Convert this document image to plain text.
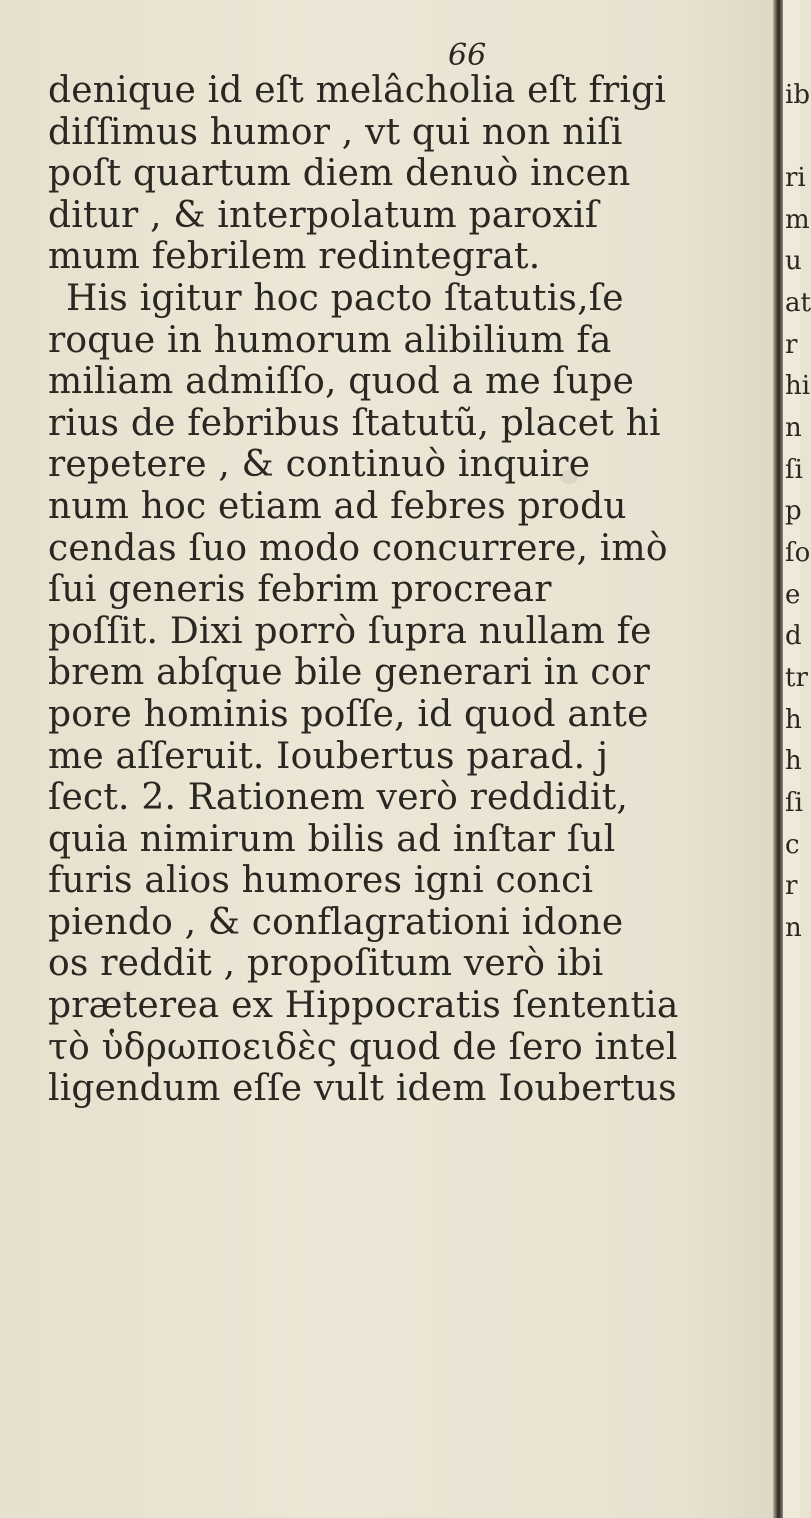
66
denique id eſt melâcholia eſt frigi
diſſimus humor , vt qui non niſi
poſt quartum diem denuò incen
ditur , & interpolatum paroxiſ
mum febrilem redintegrat.
His igitur hoc pacto ſtatutis,ſe
roque in humorum alibilium fa
miliam admiſſo, quod a me ſupe
rius de febribus ſtatutũ, placet hi
repetere , & continuò inquire
num hoc etiam ad febres produ
cendas ſuo modo concurrere, imò
ſui generis febrim procrear
poſſit. Dixi porrò ſupra nullam fe
brem abſque bile generari in cor
pore hominis poſſe, id quod ante
me aſſeruit. Ioubertus parad. j
ſect. 2. Rationem verò reddidit,
quia nimirum bilis ad inſtar ſul
furis alios humores igni conci
piendo , & conflagrationi idone
os reddit , propoſitum verò ibi
præterea ex Hippocratis ſententia
τὸ ὑδρωποειδὲς quod de ſero intel
ligendum eſſe vult idem Ioubertus
ib
ri
m
u
at
r
hi
n
ſi
p
ſo
e
d
tr
h
h
ſi
c
r
n
